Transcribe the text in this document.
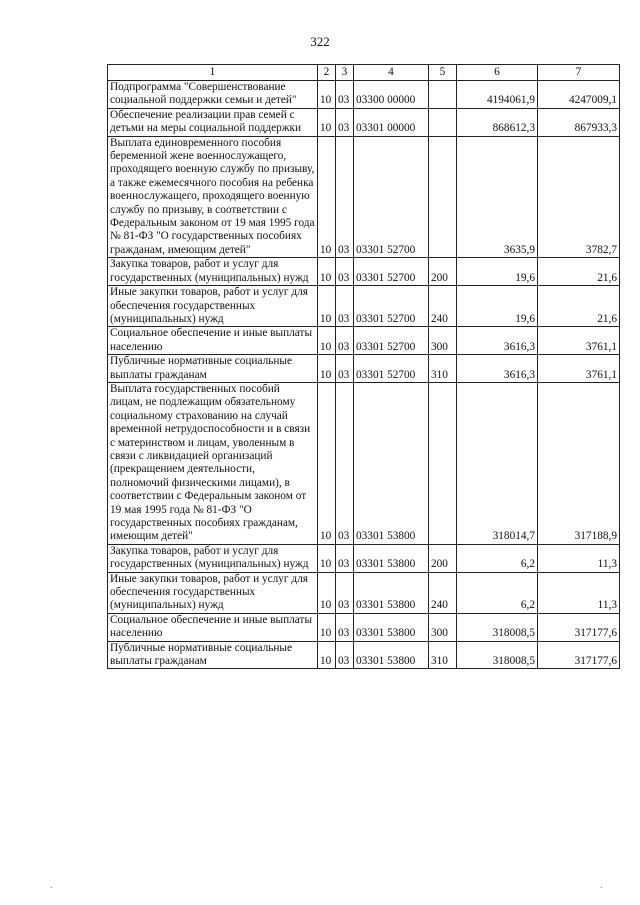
322
1	2	3	4	5	6	7
Подпрограмма "Совершенствование социальной поддержки семьи и детей"	10	03	03300 00000		4194061,9	4247009,1
Обеспечение реализации прав семей с детьми на меры социальной поддержки	10	03	03301 00000		868612,3	867933,3
Выплата единовременного пособия беременной жене военнослужащего, проходящего военную службу по призыву, а также ежемесячного пособия на ребенка военнослужащего, проходящего военную службу по призыву, в соответствии с Федеральным законом от 19 мая 1995 года № 81-ФЗ "О государственных пособиях гражданам, имеющим детей"	10	03	03301 52700		3635,9	3782,7
Закупка товаров, работ и услуг для государственных (муниципальных) нужд	10	03	03301 52700	200	19,6	21,6
Иные закупки товаров, работ и услуг для обеспечения государственных (муниципальных) нужд	10	03	03301 52700	240	19,6	21,6
Социальное обеспечение и иные выплаты населению	10	03	03301 52700	300	3616,3	3761,1
Публичные нормативные социальные выплаты гражданам	10	03	03301 52700	310	3616,3	3761,1
Выплата государственных пособий лицам, не подлежащим обязательному социальному страхованию на случай временной нетрудоспособности и в связи с материнством и лицам, уволенным в связи с ликвидацией организаций (прекращением деятельности, полномочий физическими лицами), в соответствии с Федеральным законом от 19 мая 1995 года № 81-ФЗ "О государственных пособиях гражданам, имеющим детей"	10	03	03301 53800		318014,7	317188,9
Закупка товаров, работ и услуг для государственных (муниципальных) нужд	10	03	03301 53800	200	6,2	11,3
Иные закупки товаров, работ и услуг для обеспечения государственных (муниципальных) нужд	10	03	03301 53800	240	6,2	11,3
Социальное обеспечение и иные выплаты населению	10	03	03301 53800	300	318008,5	317177,6
Публичные нормативные социальные выплаты гражданам	10	03	03301 53800	310	318008,5	317177,6
.	.
